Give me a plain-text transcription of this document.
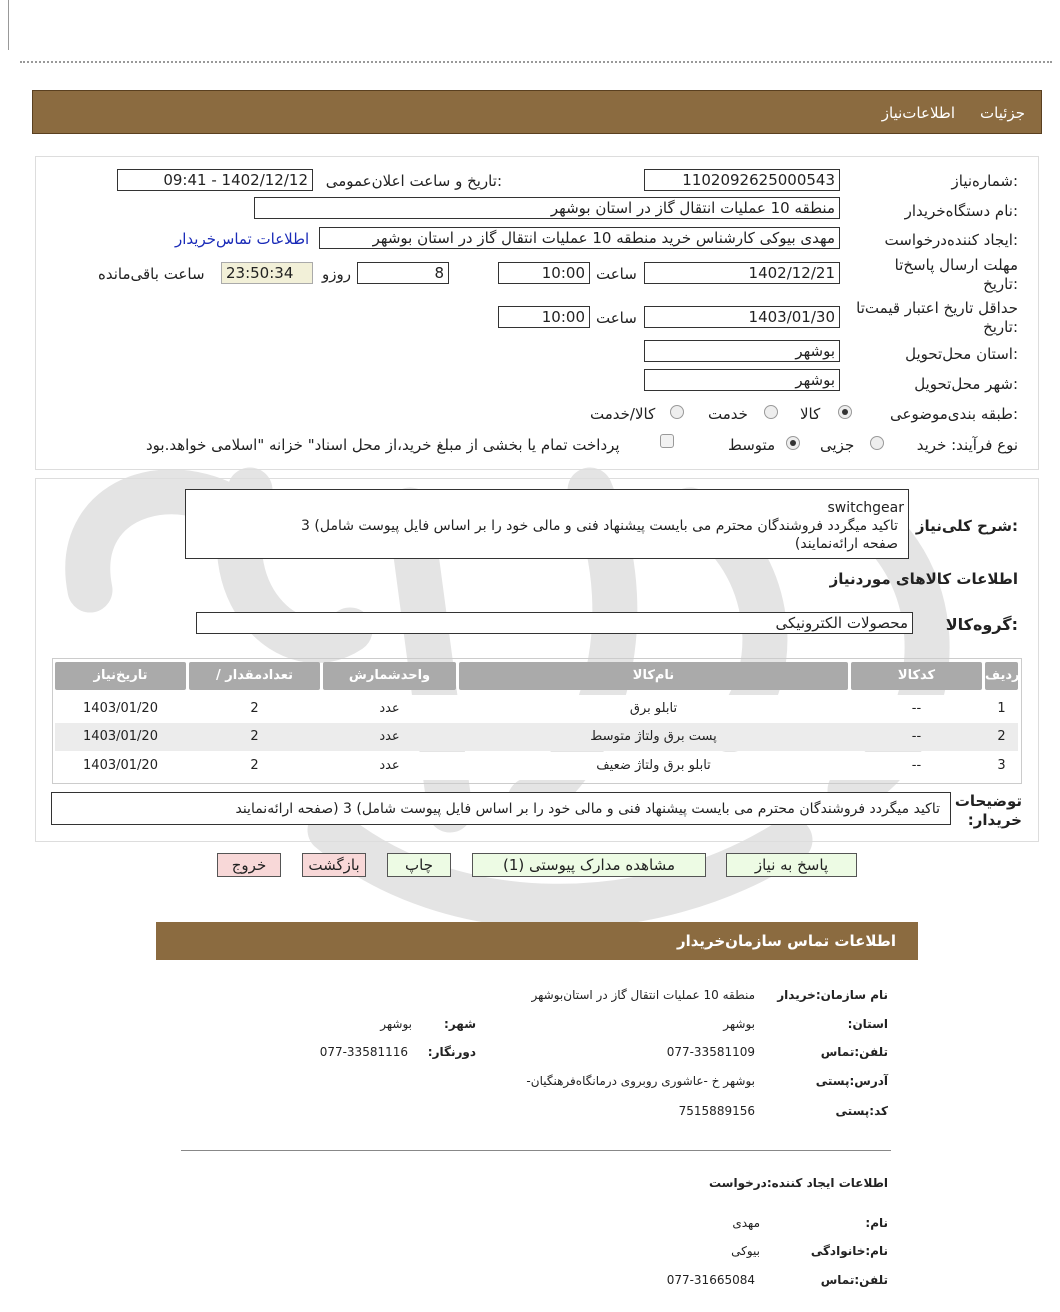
جزئیات
اطلاعات‌نیاز
شماره‌نیاز:
1102092625000543
تاریخ و ساعت اعلان‌عمومی:
1402/12/12 - 09:41
نام دستگاه‌خریدار:
منطقه 10 عملیات انتقال گاز در استان بوشهر
ایجاد کننده‌درخواست:
مهدی بیوکی کارشناس خرید منطقه 10 عملیات انتقال گاز در استان بوشهر
اطلاعات تماس‌خریدار
مهلت ارسال پاسخ‌تا
تاریخ:
1402/12/21
ساعت
10:00
8
روزو
23:50:34
ساعت باقی‌مانده
حداقل تاریخ اعتبار قیمت‌تا
تاریخ:
1403/01/30
ساعت
10:00
استان محل‌تحویل:
بوشهر
شهر محل‌تحویل:
بوشهر
طبقه بندی‌موضوعی:
کالا
خدمت
کالا/خدمت
نوع فرآیند: خرید
جزیی
متوسط
پرداخت تمام یا بخشی از مبلغ خرید،از محل اسناد" خزانه "اسلامی خواهد.بود
شرح کلی‌نیاز:
switchgear
تاکید میگردد فروشندگان محترم می بایست پیشنهاد فنی و مالی خود را بر اساس فایل پیوست شامل) 3
(صفحه ارائه‌نمایند
اطلاعات کالاهای موردنیاز
گروه‌کالا:
محصولات الکترونیکی
ردیف
کدکالا
نام‌کالا
واحدشمارش
/ تعدادمقدار
تاریخ‌نیاز
1
--
تابلو برق
عدد
2
1403/01/20
2
--
پست برق ولتاژ متوسط
عدد
2
1403/01/20
3
--
تابلو برق ولتاژ ضعیف
عدد
2
1403/01/20
توضیحات
:خریدار
تاکید میگردد فروشندگان محترم می بایست پیشنهاد فنی و مالی خود را بر اساس فایل پیوست شامل) 3 (صفحه ارائه‌نمایند
پاسخ به نیاز
مشاهده مدارک پیوستی (1)
چاپ
بازگشت
خروج
اطلاعات تماس سازمان‌خریدار
نام سازمان:خریدار
منطقه 10 عملیات انتقال گاز در استان‌بوشهر
:استان
بوشهر
:شهر
بوشهر
تلفن:تماس
077-33581109
:دورنگار
077-33581116
آدرس:پستی
-بوشهر خ -عاشوری روبروی درمانگاه‌فرهنگیان
کد:پستی
7515889156
اطلاعات ایجاد کننده:درخواست
:نام
مهدی
نام:خانوادگی
بیوکی
تلفن:تماس
077-31665084
